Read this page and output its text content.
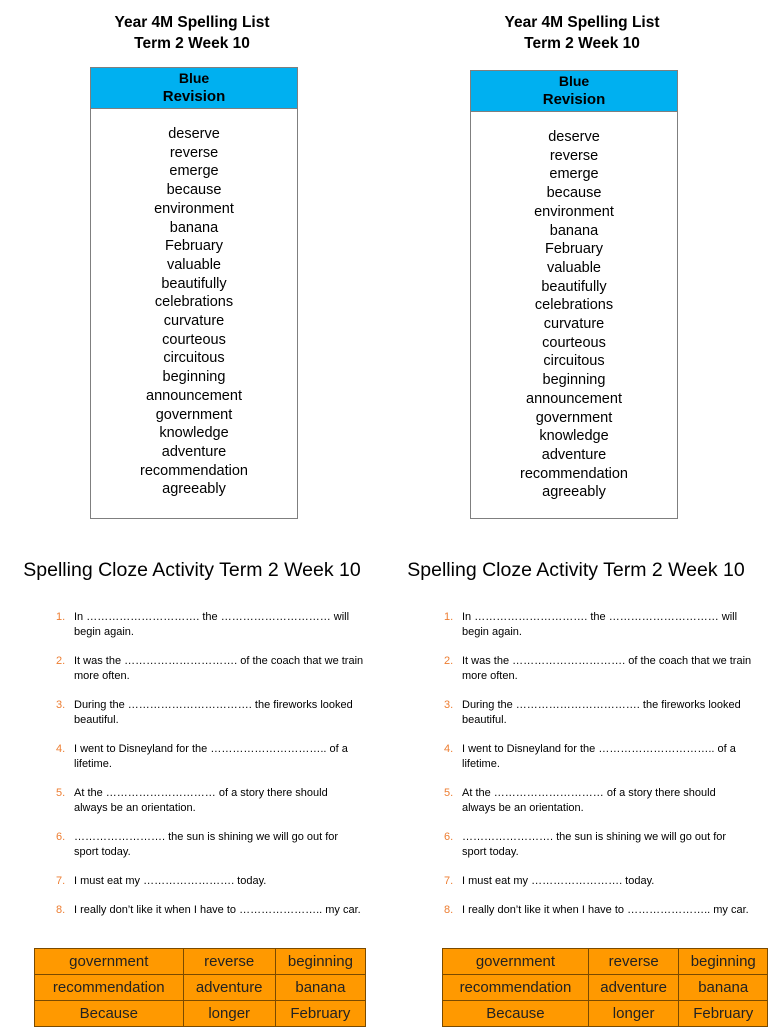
Year 4M Spelling List
Term 2 Week 10
Blue
Revision
deserve
reverse
emerge
because
environment
banana
February
valuable
beautifully
celebrations
curvature
courteous
circuitous
beginning
announcement
government
knowledge
adventure
recommendation
agreeably
Spelling Cloze Activity Term 2 Week 10
1. In …………………………. the ………………………… will begin again.
2. It was the …………………………. of the coach that we train more often.
3. During the ……………………………. the fireworks looked beautiful.
4. I went to Disneyland for the ………………………….. of a lifetime.
5. At the ………………………… of a story there should always be an orientation.
6. ……………………. the sun is shining we will go out for sport today.
7. I must eat my ……………………. today.
8. I really don’t like it when I have to ………………….. my car.
government	reverse	beginning
recommendation	adventure	banana
Because	longer	February
Year 4M Spelling List
Term 2 Week 10
Blue
Revision
deserve
reverse
emerge
because
environment
banana
February
valuable
beautifully
celebrations
curvature
courteous
circuitous
beginning
announcement
government
knowledge
adventure
recommendation
agreeably
Spelling Cloze Activity Term 2 Week 10
1. In …………………………. the ………………………… will begin again.
2. It was the …………………………. of the coach that we train more often.
3. During the ……………………………. the fireworks looked beautiful.
4. I went to Disneyland for the ………………………….. of a lifetime.
5. At the ………………………… of a story there should always be an orientation.
6. ……………………. the sun is shining we will go out for sport today.
7. I must eat my ……………………. today.
8. I really don’t like it when I have to ………………….. my car.
government	reverse	beginning
recommendation	adventure	banana
Because	longer	February
